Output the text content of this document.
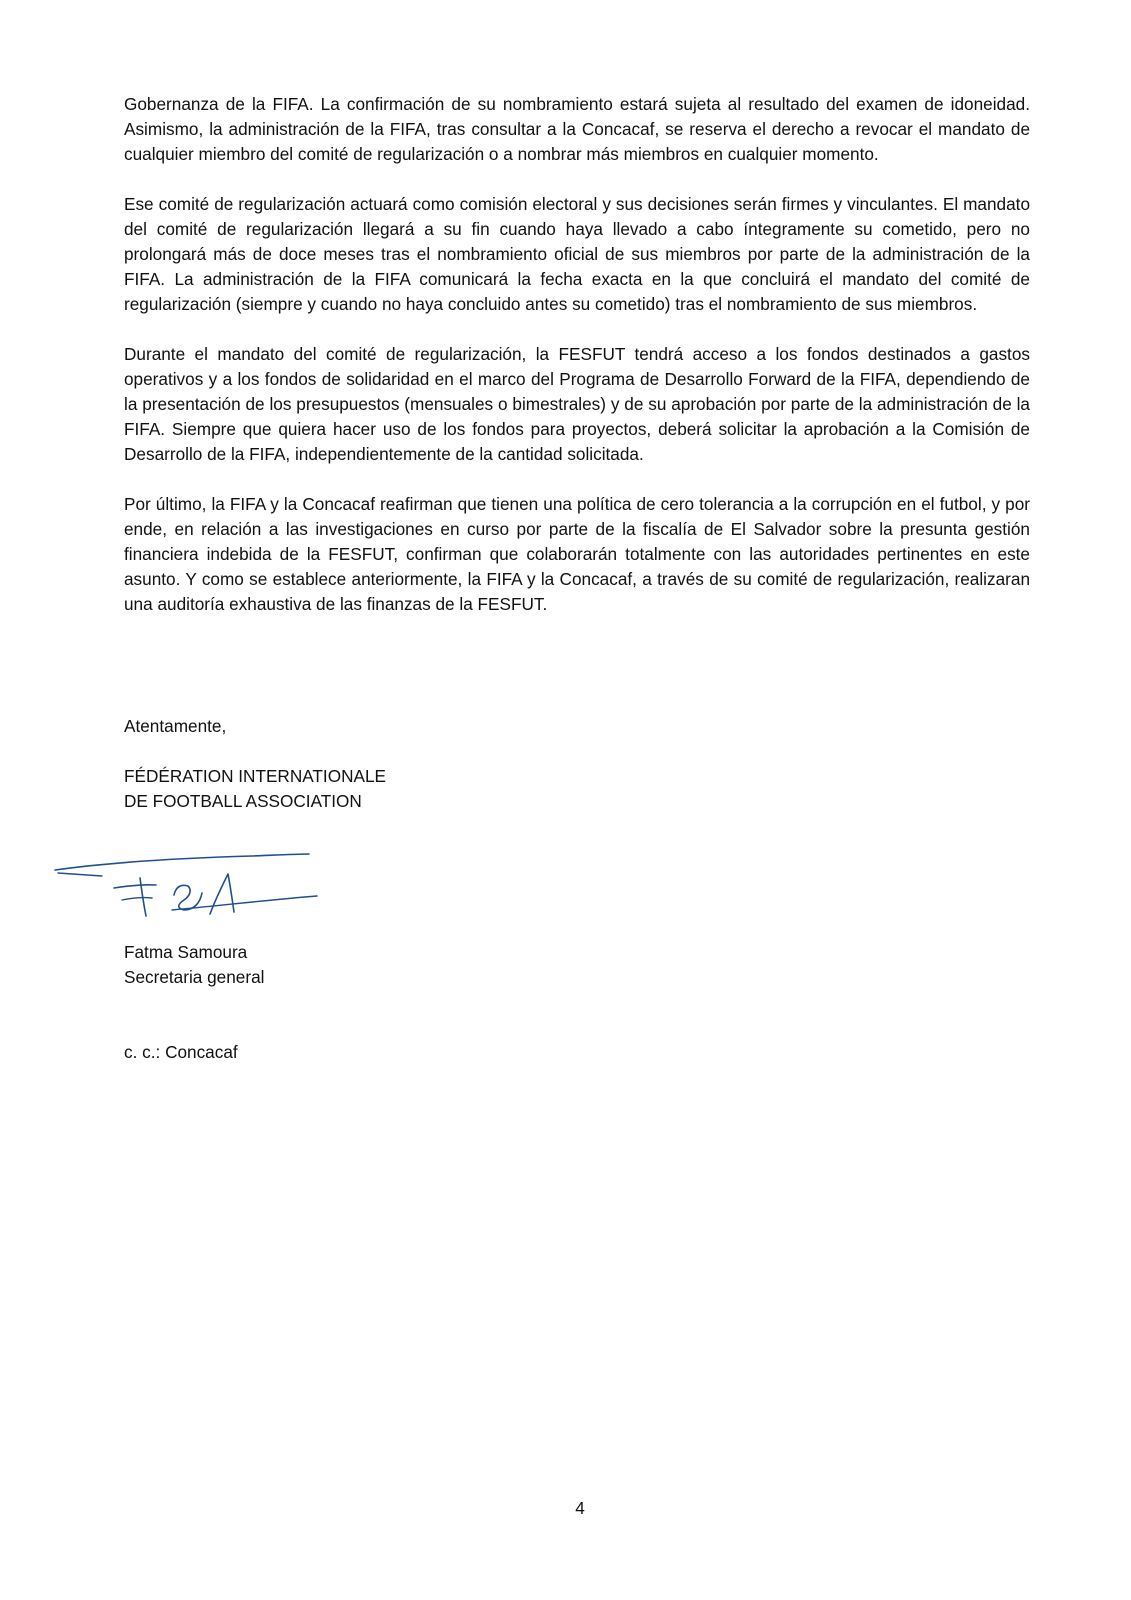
Gobernanza de la FIFA. La confirmación de su nombramiento estará sujeta al resultado del examen de idoneidad. Asimismo, la administración de la FIFA, tras consultar a la Concacaf, se reserva el derecho a revocar el mandato de cualquier miembro del comité de regularización o a nombrar más miembros en cualquier momento.

Ese comité de regularización actuará como comisión electoral y sus decisiones serán firmes y vinculantes. El mandato del comité de regularización llegará a su fin cuando haya llevado a cabo íntegramente su cometido, pero no prolongará más de doce meses tras el nombramiento oficial de sus miembros por parte de la administración de la FIFA. La administración de la FIFA comunicará la fecha exacta en la que concluirá el mandato del comité de regularización (siempre y cuando no haya concluido antes su cometido) tras el nombramiento de sus miembros.

Durante el mandato del comité de regularización, la FESFUT tendrá acceso a los fondos destinados a gastos operativos y a los fondos de solidaridad en el marco del Programa de Desarrollo Forward de la FIFA, dependiendo de la presentación de los presupuestos (mensuales o bimestrales) y de su aprobación por parte de la administración de la FIFA. Siempre que quiera hacer uso de los fondos para proyectos, deberá solicitar la aprobación a la Comisión de Desarrollo de la FIFA, independientemente de la cantidad solicitada.

Por último, la FIFA y la Concacaf reafirman que tienen una política de cero tolerancia a la corrupción en el futbol, y por ende, en relación a las investigaciones en curso por parte de la fiscalía de El Salvador sobre la presunta gestión financiera indebida de la FESFUT, confirman que colaborarán totalmente con las autoridades pertinentes en este asunto. Y como se establece anteriormente, la FIFA y la Concacaf, a través de su comité de regularización, realizaran una auditoría exhaustiva de las finanzas de la FESFUT.

Atentamente,

FÉDÉRATION INTERNATIONALE
DE FOOTBALL ASSOCIATION
Fatma Samoura
Secretaria general
c. c.: Concacaf
4
